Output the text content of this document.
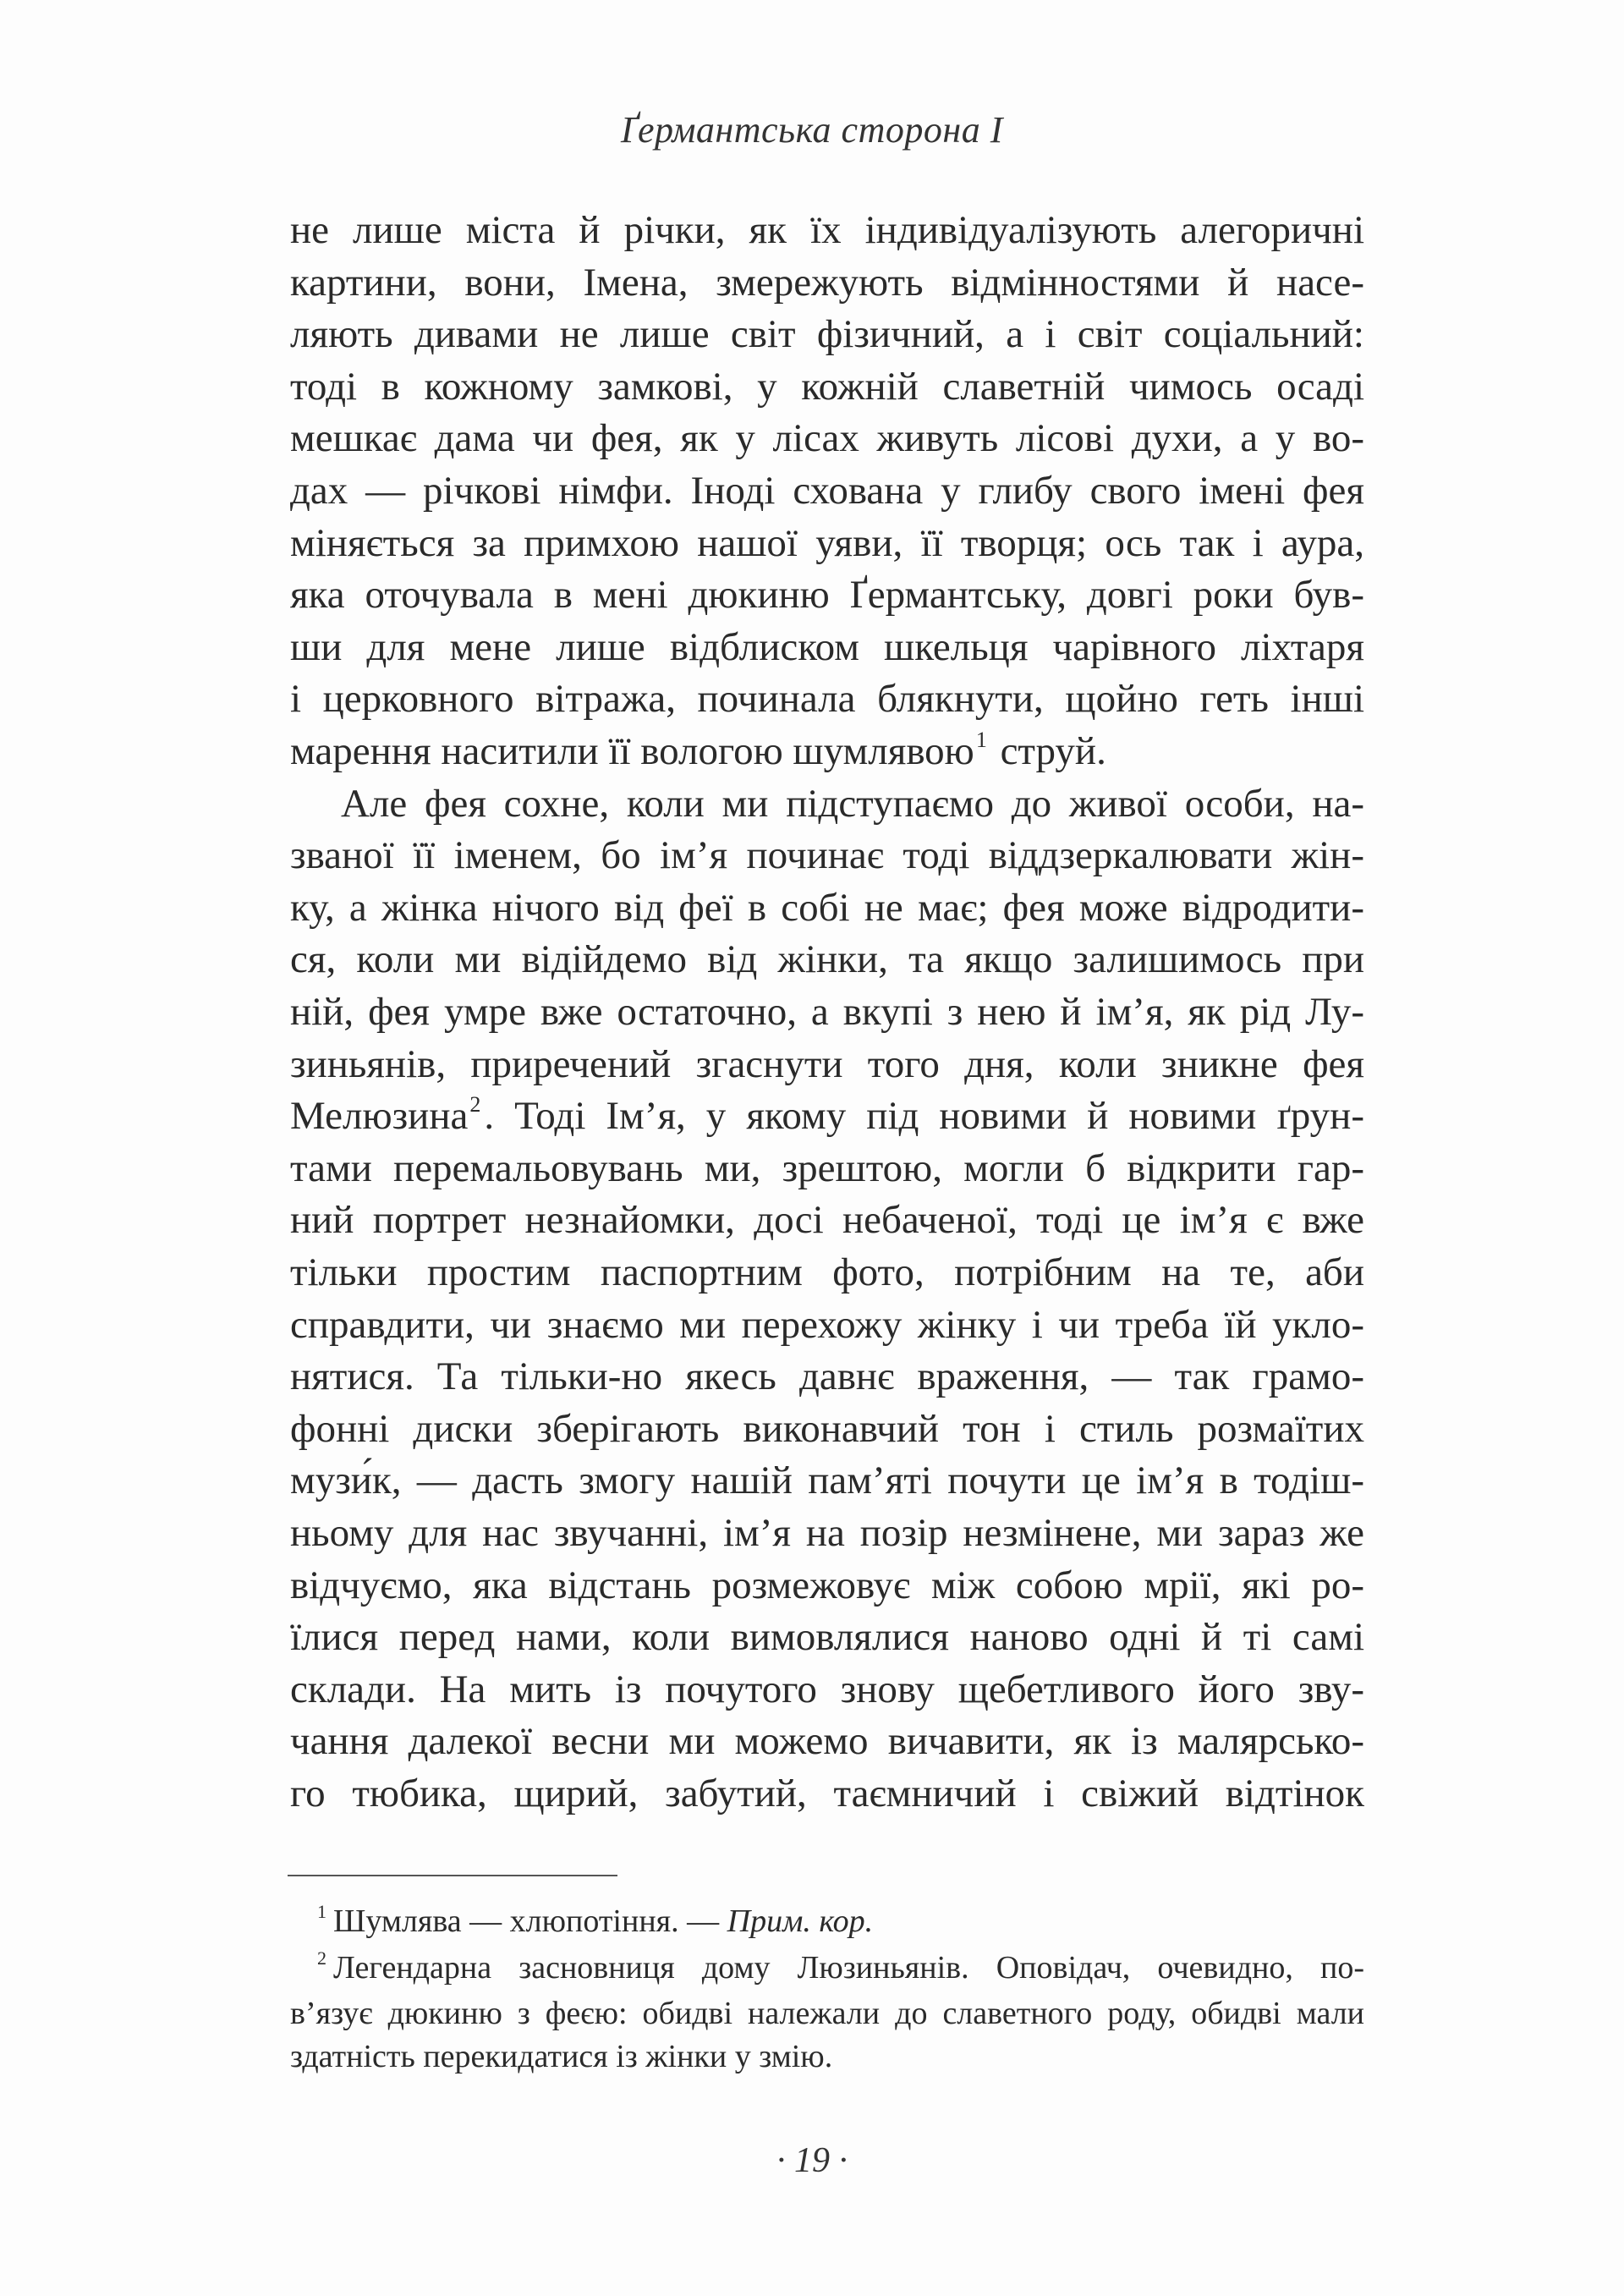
Ґермантська сторона I
не лише міста й річки, як їх індивідуалізують алегоричні
картини, вони, Імена, змережують відмінностями й насе-
ляють дивами не лише світ фізичний, а і світ соціальний:
тоді в кожному замкові, у кожній славетній чимось осаді
мешкає дама чи фея, як у лісах живуть лісові духи, а у во-
дах — річкові німфи. Іноді схована у глибу свого імені фея
міняється за примхою нашої уяви, її творця; ось так і аура,
яка оточувала в мені дюкиню Ґермантську, довгі роки був-
ши для мене лише відблиском шкельця чарівного ліхтаря
і церковного вітража, починала блякнути, щойно геть інші
марення наситили її вологою шумлявою$^1$ струй.
Але фея сохне, коли ми підступаємо до живої особи, на-
званої її іменем, бо ім’я починає тоді віддзеркалювати жін-
ку, а жінка нічого від феї в собі не має; фея може відродити-
ся, коли ми відійдемо від жінки, та якщо залишимось при
ній, фея умре вже остаточно, а вкупі з нею й ім’я, як рід Лу-
зиньянів, приречений згаснути того дня, коли зникне фея
Мелюзина$^2$. Тоді Ім’я, у якому під новими й новими ґрун-
тами перемальовувань ми, зрештою, могли б відкрити гар-
ний портрет незнайомки, досі небаченої, тоді це ім’я є вже
тільки простим паспортним фото, потрібним на те, аби
справдити, чи знаємо ми перехожу жінку і чи треба їй укло-
нятися. Та тільки-но якесь давнє враження, — так грамо-
фонні диски зберігають виконавчий тон і стиль розмаїтих
музи́к, — дасть змогу нашій пам’яті почути це ім’я в тодіш-
ньому для нас звучанні, ім’я на позір незмінене, ми зараз же
відчуємо, яка відстань розмежовує між собою мрії, які ро-
їлися перед нами, коли вимовлялися наново одні й ті самі
склади. На мить із почутого знову щебетливого його зву-
чання далекої весни ми можемо вичавити, як із малярсько-
го тюбика, щирий, забутий, таємничий і свіжий відтінок
$^1$ Шумлява — хлюпотіння. — Прим. кор.
$^2$ Легендарна засновниця дому Люзиньянів. Оповідач, очевидно, по-
в’язує дюкиню з феєю: обидві належали до славетного роду, обидві мали
здатність перекидатися із жінки у змію.
· 19 ·
